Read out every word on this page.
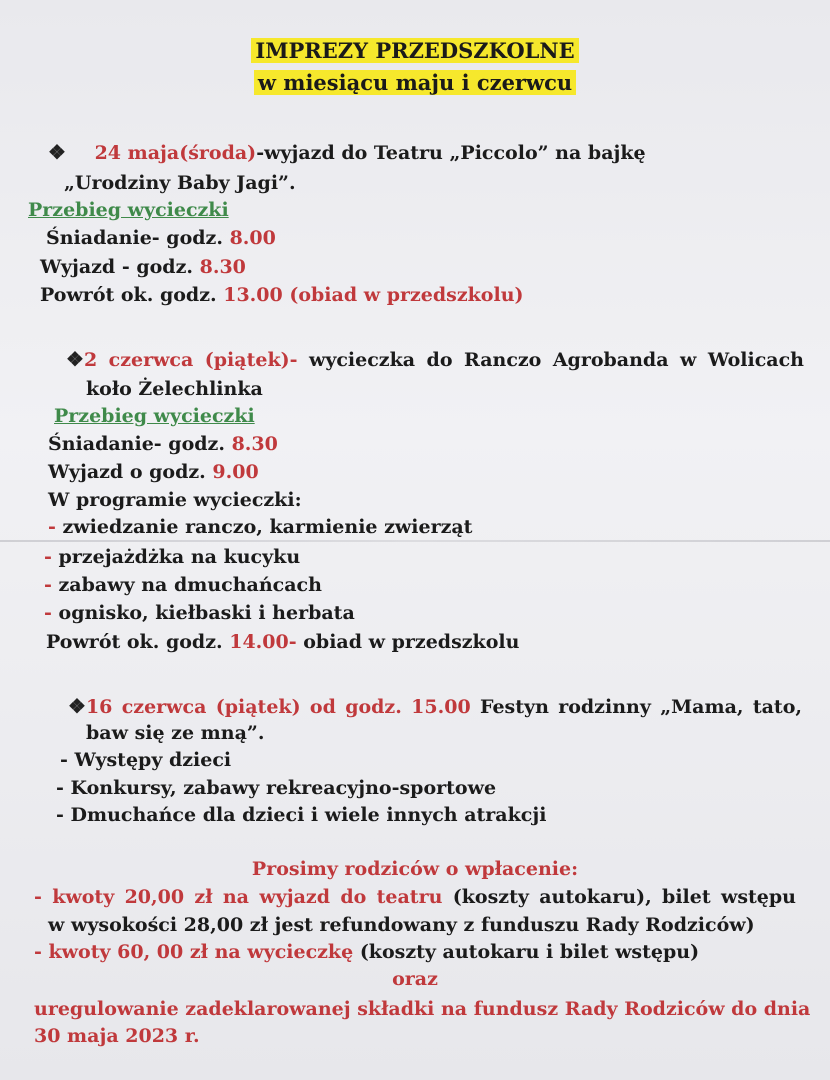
IMPREZY PRZEDSZKOLNE
w miesiącu maju i czerwcu
❖ 24 maja(środa)-wyjazd do Teatru „Piccolo” na bajkę
„Urodziny Baby Jagi”.
Przebieg wycieczki
Śniadanie- godz. 8.00
Wyjazd - godz. 8.30
Powrót ok. godz. 13.00 (obiad w przedszkolu)
❖2 czerwca (piątek)- wycieczka do Ranczo Agrobanda w Wolicach
koło Żelechlinka
Przebieg wycieczki
Śniadanie- godz. 8.30
Wyjazd o godz. 9.00
W programie wycieczki:
- zwiedzanie ranczo, karmienie zwierząt
- przejażdżka na kucyku
- zabawy na dmuchańcach
- ognisko, kiełbaski i herbata
Powrót ok. godz. 14.00- obiad w przedszkolu
❖16 czerwca (piątek) od godz. 15.00 Festyn rodzinny „Mama, tato,
baw się ze mną”.
- Występy dzieci
- Konkursy, zabawy rekreacyjno-sportowe
- Dmuchańce dla dzieci i wiele innych atrakcji
Prosimy rodziców o wpłacenie:
- kwoty 20,00 zł na wyjazd do teatru (koszty autokaru), bilet wstępu
w wysokości 28,00 zł jest refundowany z funduszu Rady Rodziców)
- kwoty 60, 00 zł na wycieczkę (koszty autokaru i bilet wstępu)
oraz
uregulowanie zadeklarowanej składki na fundusz Rady Rodziców do dnia
30 maja 2023 r.
